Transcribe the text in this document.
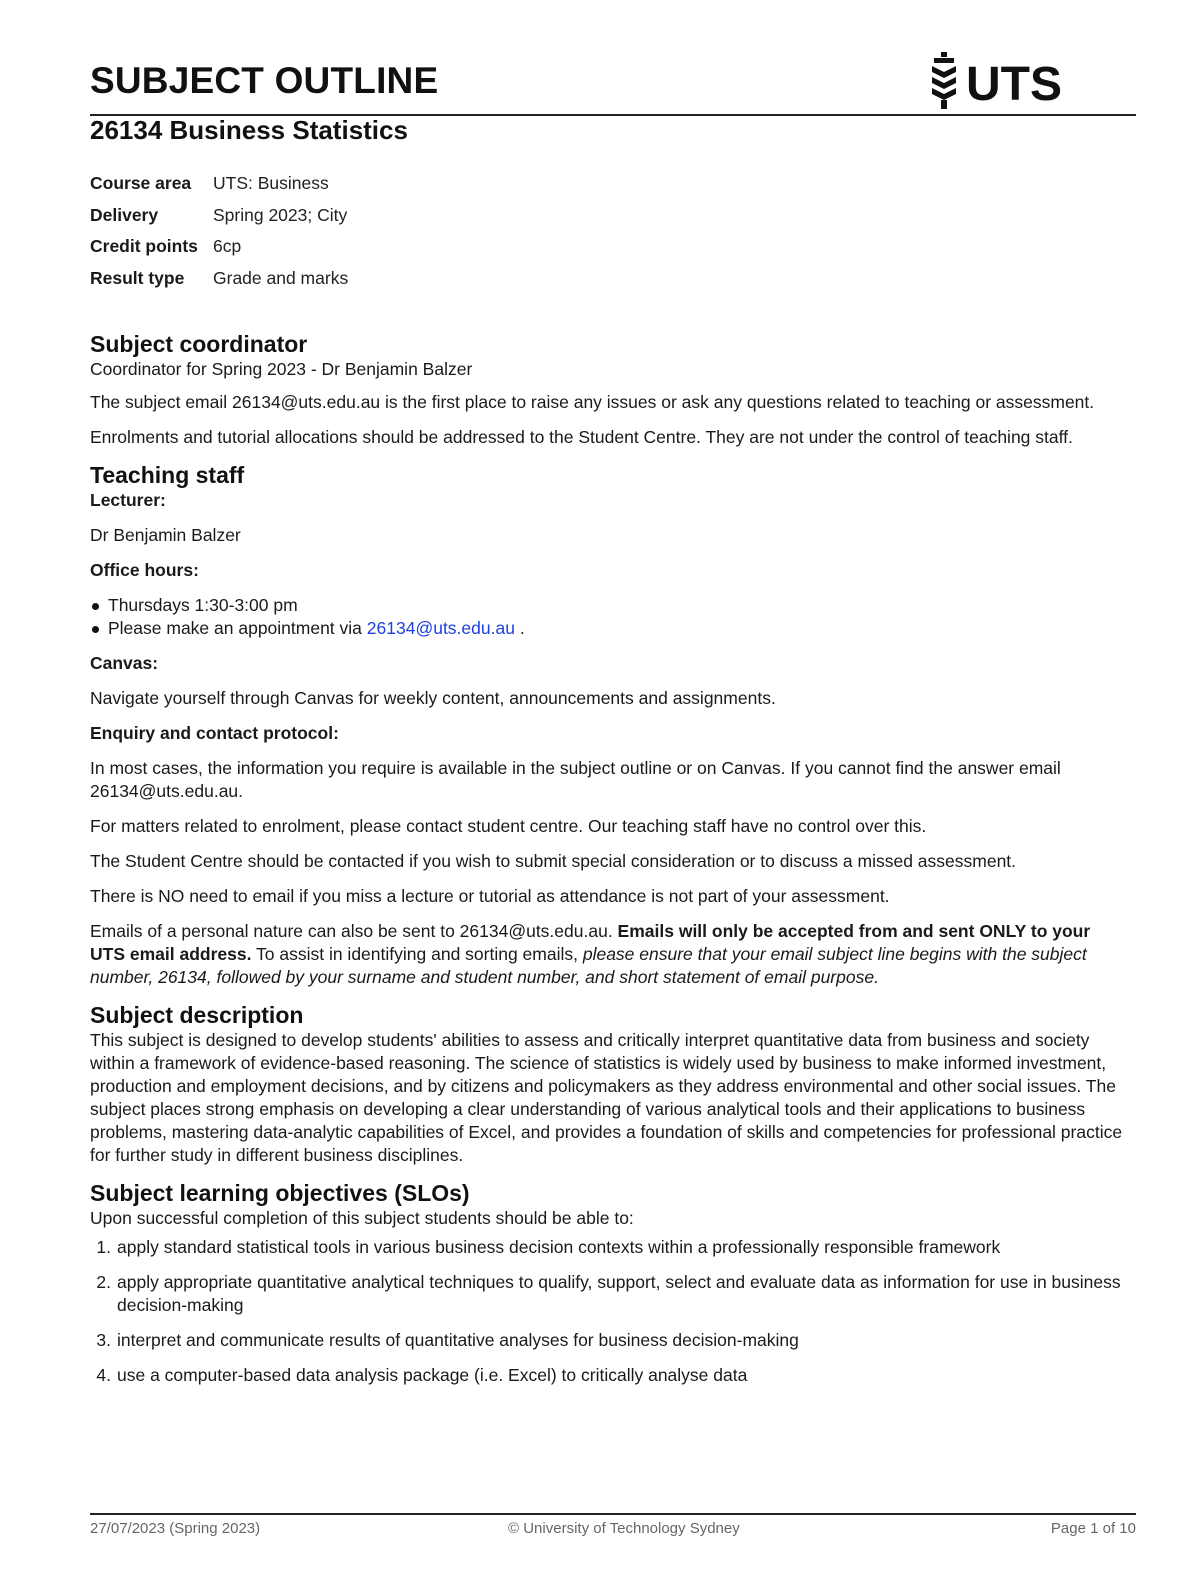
SUBJECT OUTLINE	UTS
26134 Business Statistics
Course area	UTS: Business
Delivery	Spring 2023; City
Credit points 6cp
Result type	Grade and marks
Subject coordinator

Coordinator for Spring 2023 - Dr Benjamin Balzer

The subject email 26134@uts.edu.au is the first place to raise any issues or ask any questions related to teaching or assessment.

Enrolments and tutorial allocations should be addressed to the Student Centre. They are not under the control of teaching staff.

Teaching staff

Lecturer:

Dr Benjamin Balzer

Office hours:

Thursdays 1:30-3:00 pm
Please make an appointment via 26134@uts.edu.au .

Canvas:

Navigate yourself through Canvas for weekly content, announcements and assignments.

Enquiry and contact protocol:

In most cases, the information you require is available in the subject outline or on Canvas. If you cannot find the answer email 26134@uts.edu.au.

For matters related to enrolment, please contact student centre. Our teaching staff have no control over this.

The Student Centre should be contacted if you wish to submit special consideration or to discuss a missed assessment.

There is NO need to email if you miss a lecture or tutorial as attendance is not part of your assessment.

Emails of a personal nature can also be sent to 26134@uts.edu.au. Emails will only be accepted from and sent ONLY to your UTS email address. To assist in identifying and sorting emails, please ensure that your email subject line begins with the subject number, 26134, followed by your surname and student number, and short statement of email purpose.

Subject description

This subject is designed to develop students' abilities to assess and critically interpret quantitative data from business and society within a framework of evidence-based reasoning. The science of statistics is widely used by business to make informed investment, production and employment decisions, and by citizens and policymakers as they address environmental and other social issues. The subject places strong emphasis on developing a clear understanding of various analytical tools and their applications to business problems, mastering data-analytic capabilities of Excel, and provides a foundation of skills and competencies for professional practice for further study in different business disciplines.

Subject learning objectives (SLOs)

Upon successful completion of this subject students should be able to:

1. apply standard statistical tools in various business decision contexts within a professionally responsible framework
2. apply appropriate quantitative analytical techniques to qualify, support, select and evaluate data as information for use in business decision-making
3. interpret and communicate results of quantitative analyses for business decision-making
4. use a computer-based data analysis package (i.e. Excel) to critically analyse data
27/07/2023 (Spring 2023)	© University of Technology Sydney	Page 1 of 10
